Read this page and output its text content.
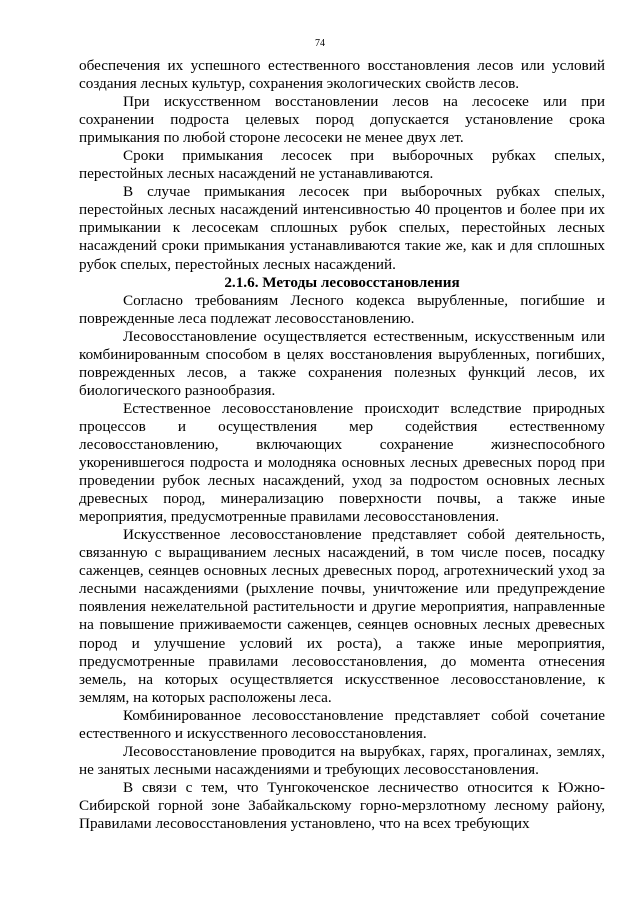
74

обеспечения их успешного естественного восстановления лесов или условий создания лесных культур, сохранения экологических свойств лесов.

При искусственном восстановлении лесов на лесосеке или при сохранении подроста целевых пород допускается установление срока примыкания по любой стороне лесосеки не менее двух лет.

Сроки примыкания лесосек при выборочных рубках спелых, перестойных лесных насаждений не устанавливаются.

В случае примыкания лесосек при выборочных рубках спелых, перестойных лесных насаждений интенсивностью 40 процентов и более при их примыкании к лесосекам сплошных рубок спелых, перестойных лесных насаждений сроки примыкания устанавливаются такие же, как и для сплошных рубок спелых, перестойных лесных насаждений.

2.1.6. Методы лесовосстановления

Согласно требованиям Лесного кодекса вырубленные, погибшие и поврежденные леса подлежат лесовосстановлению.

Лесовосстановление осуществляется естественным, искусственным или комбинированным способом в целях восстановления вырубленных, погибших, поврежденных лесов, а также сохранения полезных функций лесов, их биологического разнообразия.

Естественное лесовосстановление происходит вследствие природных процессов и осуществления мер содействия естественному лесовосстановлению, включающих сохранение жизнеспособного укоренившегося подроста и молодняка основных лесных древесных пород при проведении рубок лесных насаждений, уход за подростом основных лесных древесных пород, минерализацию поверхности почвы, а также иные мероприятия, предусмотренные правилами лесовосстановления.

Искусственное лесовосстановление представляет собой деятельность, связанную с выращиванием лесных насаждений, в том числе посев, посадку саженцев, сеянцев основных лесных древесных пород, агротехнический уход за лесными насаждениями (рыхление почвы, уничтожение или предупреждение появления нежелательной растительности и другие мероприятия, направленные на повышение приживаемости саженцев, сеянцев основных лесных древесных пород и улучшение условий их роста), а также иные мероприятия, предусмотренные правилами лесовосстановления, до момента отнесения земель, на которых осуществляется искусственное лесовосстановление, к землям, на которых расположены леса.

Комбинированное лесовосстановление представляет собой сочетание естественного и искусственного лесовосстановления.

Лесовосстановление проводится на вырубках, гарях, прогалинах, землях, не занятых лесными насаждениями и требующих лесовосстановления.

В связи с тем, что Тунгокоченское лесничество относится к Южно-Сибирской горной зоне Забайкальскому горно-мерзлотному лесному району, Правилами лесовосстановления установлено, что на всех требующих
